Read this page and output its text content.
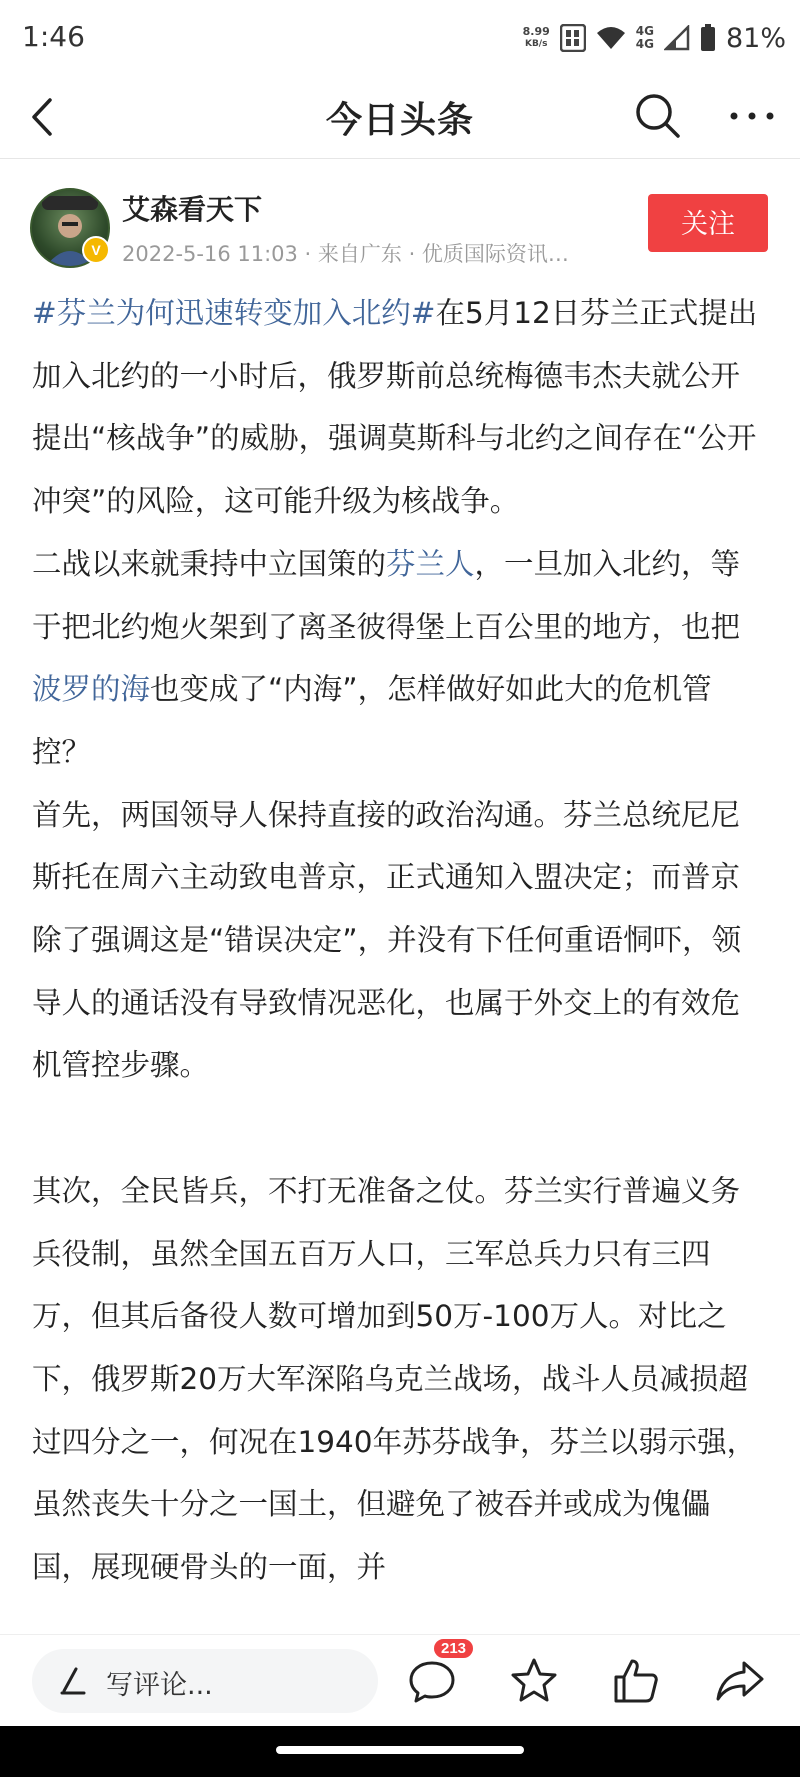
1:46	8.99
KB/s
4G
4G	81%
今日头条
V
艾森看天下
2022-5-16 11:03 · 来自广东 · 优质国际资讯…
关注

#芬兰为何迅速转变加入北约#在5月12日芬兰正式提出加入北约的一小时后，俄罗斯前总统梅德韦杰夫就公开提出“核战争”的威胁，强调莫斯科与北约之间存在“公开冲突”的风险，这可能升级为核战争。

二战以来就秉持中立国策的芬兰人，一旦加入北约，等于把北约炮火架到了离圣彼得堡上百公里的地方，也把波罗的海也变成了“内海”，怎样做好如此大的危机管控？

首先，两国领导人保持直接的政治沟通。芬兰总统尼尼斯托在周六主动致电普京，正式通知入盟决定；而普京除了强调这是“错误决定”，并没有下任何重语恫吓，领导人的通话没有导致情况恶化，也属于外交上的有效危机管控步骤。

其次，全民皆兵，不打无准备之仗。芬兰实行普遍义务兵役制，虽然全国五百万人口，三军总兵力只有三四万，但其后备役人数可增加到50万-100万人。对比之下，俄罗斯20万大军深陷乌克兰战场，战斗人员减损超过四分之一，何况在1940年苏芬战争，芬兰以弱示强，虽然丧失十分之一国土，但避免了被吞并或成为傀儡国，展现硬骨头的一面，并

写评论...
213
